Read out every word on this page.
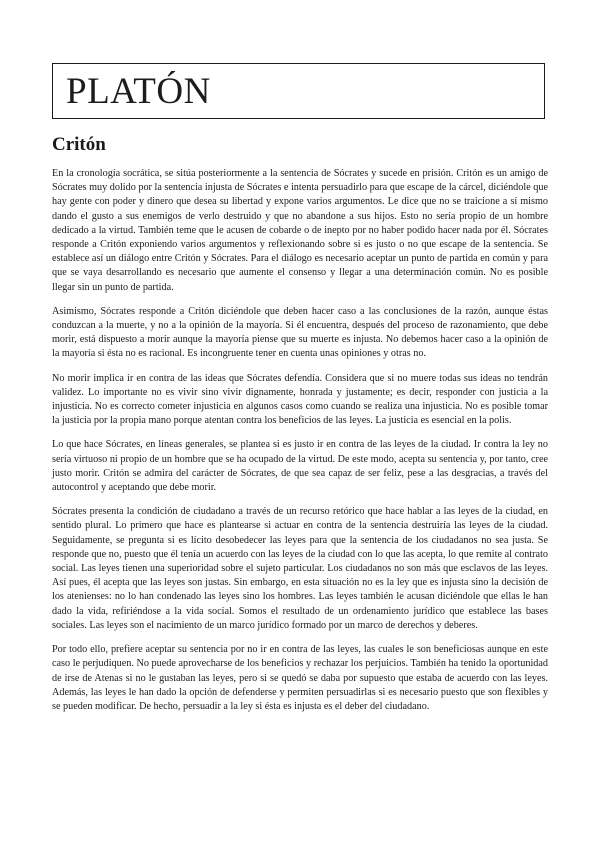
PLATÓN
Critón

En la cronología socrática, se sitúa posteriormente a la sentencia de Sócrates y sucede en prisión. Critón es un amigo de Sócrates muy dolido por la sentencia injusta de Sócrates e intenta persuadirlo para que escape de la cárcel, diciéndole que hay gente con poder y dinero que desea su libertad y expone varios argumentos. Le dice que no se traicione a sí mismo dando el gusto a sus enemigos de verlo destruido y que no abandone a sus hijos. Esto no sería propio de un hombre dedicado a la virtud. También teme que le acusen de cobarde o de inepto por no haber podido hacer nada por él. Sócrates responde a Critón exponiendo varios argumentos y reflexionando sobre si es justo o no que escape de la sentencia. Se establece así un diálogo entre Critón y Sócrates. Para el diálogo es necesario aceptar un punto de partida en común y para que se vaya desarrollando es necesario que aumente el consenso y llegar a una determinación común. No es posible llegar sin un punto de partida.

Asimismo, Sócrates responde a Critón diciéndole que deben hacer caso a las conclusiones de la razón, aunque éstas conduzcan a la muerte, y no a la opinión de la mayoría. Si él encuentra, después del proceso de razonamiento, que debe morir, está dispuesto a morir aunque la mayoría piense que su muerte es injusta. No debemos hacer caso a la opinión de la mayoría si ésta no es racional. Es incongruente tener en cuenta unas opiniones y otras no.

No morir implica ir en contra de las ideas que Sócrates defendía. Considera que si no muere todas sus ideas no tendrán validez. Lo importante no es vivir sino vivir dignamente, honrada y justamente; es decir, responder con justicia a la injusticia. No es correcto cometer injusticia en algunos casos como cuando se realiza una injusticia. No es posible tomar la justicia por la propia mano porque atentan contra los beneficios de las leyes. La justicia es esencial en la polis.

Lo que hace Sócrates, en líneas generales, se plantea si es justo ir en contra de las leyes de la ciudad. Ir contra la ley no sería virtuoso ni propio de un hombre que se ha ocupado de la virtud. De este modo, acepta su sentencia y, por tanto, cree justo morir. Critón se admira del carácter de Sócrates, de que sea capaz de ser feliz, pese a las desgracias, a través del autocontrol y aceptando que debe morir.

Sócrates presenta la condición de ciudadano a través de un recurso retórico que hace hablar a las leyes de la ciudad, en sentido plural. Lo primero que hace es plantearse si actuar en contra de la sentencia destruiría las leyes de la ciudad. Seguidamente, se pregunta si es lícito desobedecer las leyes para que la sentencia de los ciudadanos no sea justa. Se responde que no, puesto que él tenía un acuerdo con las leyes de la ciudad con lo que las acepta, lo que remite al contrato social. Las leyes tienen una superioridad sobre el sujeto particular. Los ciudadanos no son más que esclavos de las leyes. Así pues, él acepta que las leyes son justas. Sin embargo, en esta situación no es la ley que es injusta sino la decisión de los atenienses: no lo han condenado las leyes sino los hombres. Las leyes también le acusan diciéndole que ellas le han dado la vida, refiriéndose a la vida social. Somos el resultado de un ordenamiento jurídico que establece las bases sociales. Las leyes son el nacimiento de un marco jurídico formado por un marco de derechos y deberes.

Por todo ello, prefiere aceptar su sentencia por no ir en contra de las leyes, las cuales le son beneficiosas aunque en este caso le perjudiquen. No puede aprovecharse de los beneficios y rechazar los perjuicios. También ha tenido la oportunidad de irse de Atenas si no le gustaban las leyes, pero si se quedó se daba por supuesto que estaba de acuerdo con las leyes. Además, las leyes le han dado la opción de defenderse y permiten persuadirlas si es necesario puesto que son flexibles y se pueden modificar. De hecho, persuadir a la ley si ésta es injusta es el deber del ciudadano.
